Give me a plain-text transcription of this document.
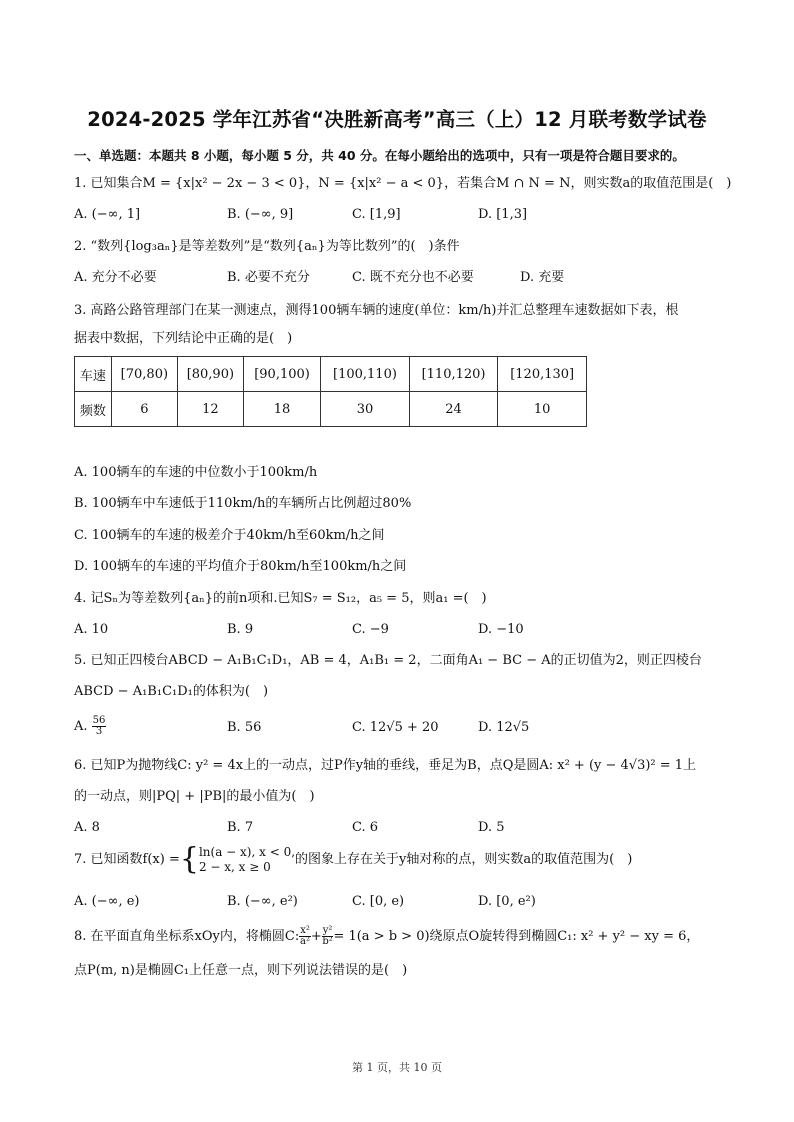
2024-2025 学年江苏省“决胜新高考”高三（上）12 月联考数学试卷
一、单选题：本题共 8 小题，每小题 5 分，共 40 分。在每小题给出的选项中，只有一项是符合题目要求的。
1. 已知集合M = {x|x² − 2x − 3 < 0}，N = {x|x² − a < 0}，若集合M ∩ N = N，则实数a的取值范围是(　)
A. (−∞, 1]	B. (−∞, 9]	C. [1,9]	D. [1,3]
2. “数列{log₃aₙ}是等差数列”是“数列{aₙ}为等比数列”的(　)条件
A. 充分不必要	B. 必要不充分	C. 既不充分也不必要	D. 充要
3. 高路公路管理部门在某一测速点，测得100辆车辆的速度(单位：km/h)并汇总整理车速数据如下表，根
据表中数据，下列结论中正确的是(　)
车速	[70,80)	[80,90)	[90,100)	[100,110)	[110,120)	[120,130]
频数	6	12	18	30	24	10
A. 100辆车的车速的中位数小于100km/h
B. 100辆车中车速低于110km/h的车辆所占比例超过80%
C. 100辆车的车速的极差介于40km/h至60km/h之间
D. 100辆车的车速的平均值介于80km/h至100km/h之间
4. 记Sₙ为等差数列{aₙ}的前n项和.已知S₇ = S₁₂，a₅ = 5，则a₁ =(　)
A. 10	B. 9	C. −9	D. −10
5. 已知正四棱台ABCD − A₁B₁C₁D₁，AB = 4，A₁B₁ = 2，二面角A₁ − BC − A的正切值为2，则正四棱台
ABCD − A₁B₁C₁D₁的体积为(　)
A. $\frac{56}{3}$	B. 56	C. 12√5 + 20	D. 12√5
6. 已知P为抛物线C: y² = 4x上的一动点，过P作y轴的垂线，垂足为B，点Q是圆A: x² + (y − 4√3)² = 1上
的一动点，则|PQ| + |PB|的最小值为(　)
A. 8	B. 7	C. 6	D. 5
7. 已知函数f(x) ={ ln(a − x), x < 0,
2 − x, x ≥ 0	的图象上存在关于y轴对称的点，则实数a的取值范围为(　)
A. (−∞, e)	B. (−∞, e²)	C. [0, e)	D. [0, e²)
8. 在平面直角坐标系xOy内，将椭圆C: $\frac{\text{x²}}{\text{a²}} + \frac{\text{y²}}{\text{b²}} = 1(a > b > 0)$绕原点O旋转得到椭圆C₁: x² + y² − xy = 6，
点P(m, n)是椭圆C₁上任意一点，则下列说法错误的是(　)
第 1 页，共 10 页
